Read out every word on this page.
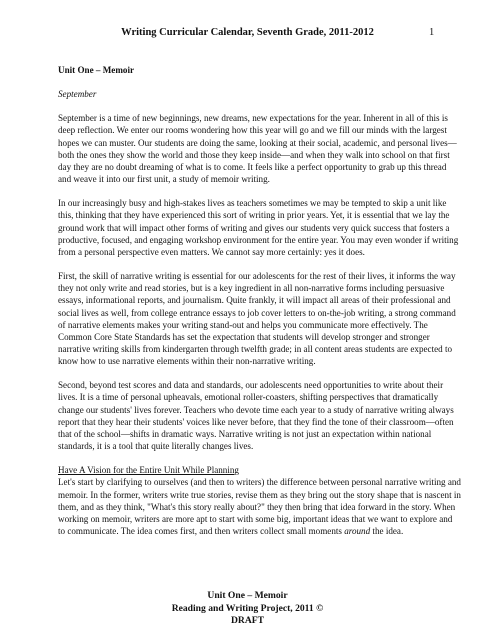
Writing Curricular Calendar, Seventh Grade, 2011-2012	1

Unit One – Memoir

September

September is a time of new beginnings, new dreams, new expectations for the year. Inherent in all of this is deep reflection. We enter our rooms wondering how this year will go and we fill our minds with the largest hopes we can muster. Our students are doing the same, looking at their social, academic, and personal lives—both the ones they show the world and those they keep inside—and when they walk into school on that first day they are no doubt dreaming of what is to come. It feels like a perfect opportunity to grab up this thread and weave it into our first unit, a study of memoir writing.

In our increasingly busy and high-stakes lives as teachers sometimes we may be tempted to skip a unit like this, thinking that they have experienced this sort of writing in prior years. Yet, it is essential that we lay the ground work that will impact other forms of writing and gives our students very quick success that fosters a productive, focused, and engaging workshop environment for the entire year. You may even wonder if writing from a personal perspective even matters. We cannot say more certainly: yes it does.

First, the skill of narrative writing is essential for our adolescents for the rest of their lives, it informs the way they not only write and read stories, but is a key ingredient in all non-narrative forms including persuasive essays, informational reports, and journalism. Quite frankly, it will impact all areas of their professional and social lives as well, from college entrance essays to job cover letters to on-the-job writing, a strong command of narrative elements makes your writing stand-out and helps you communicate more effectively. The Common Core State Standards has set the expectation that students will develop stronger and stronger narrative writing skills from kindergarten through twelfth grade; in all content areas students are expected to know how to use narrative elements within their non-narrative writing.

Second, beyond test scores and data and standards, our adolescents need opportunities to write about their lives. It is a time of personal upheavals, emotional roller-coasters, shifting perspectives that dramatically change our students' lives forever. Teachers who devote time each year to a study of narrative writing always report that they hear their students' voices like never before, that they find the tone of their classroom—often that of the school—shifts in dramatic ways. Narrative writing is not just an expectation within national standards, it is a tool that quite literally changes lives.

Have A Vision for the Entire Unit While Planning
Let's start by clarifying to ourselves (and then to writers) the difference between personal narrative writing and memoir. In the former, writers write true stories, revise them as they bring out the story shape that is nascent in them, and as they think, "What's this story really about?" they then bring that idea forward in the story. When working on memoir, writers are more apt to start with some big, important ideas that we want to explore and to communicate. The idea comes first, and then writers collect small moments around the idea.

Unit One – Memoir
Reading and Writing Project, 2011 ©
DRAFT
